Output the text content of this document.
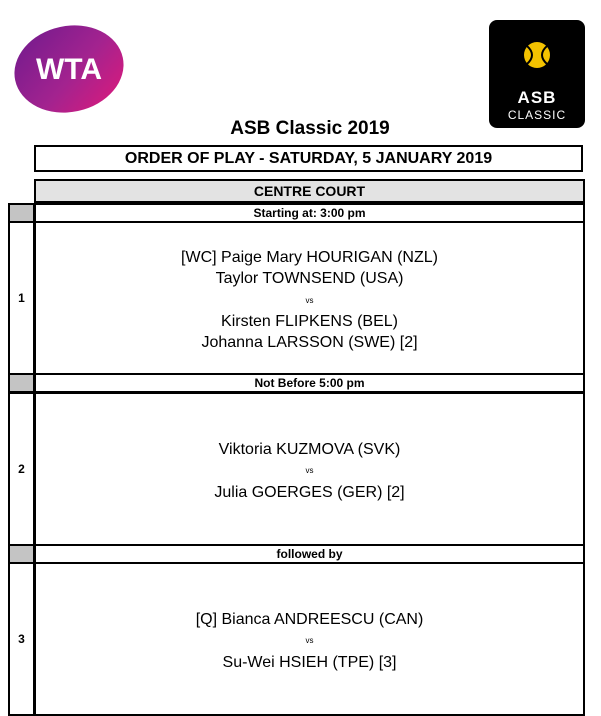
WTA
ASB
CLASSIC
ASB Classic 2019
ORDER OF PLAY - SATURDAY, 5 JANUARY 2019
CENTRE COURT
Starting at: 3:00 pm
1
[WC] Paige Mary HOURIGAN (NZL)
Taylor TOWNSEND (USA)
vs
Kirsten FLIPKENS (BEL)
Johanna LARSSON (SWE) [2]
Not Before 5:00 pm
2
Viktoria KUZMOVA (SVK)
vs
Julia GOERGES (GER) [2]
followed by
3
[Q] Bianca ANDREESCU (CAN)
vs
Su-Wei HSIEH (TPE) [3]
